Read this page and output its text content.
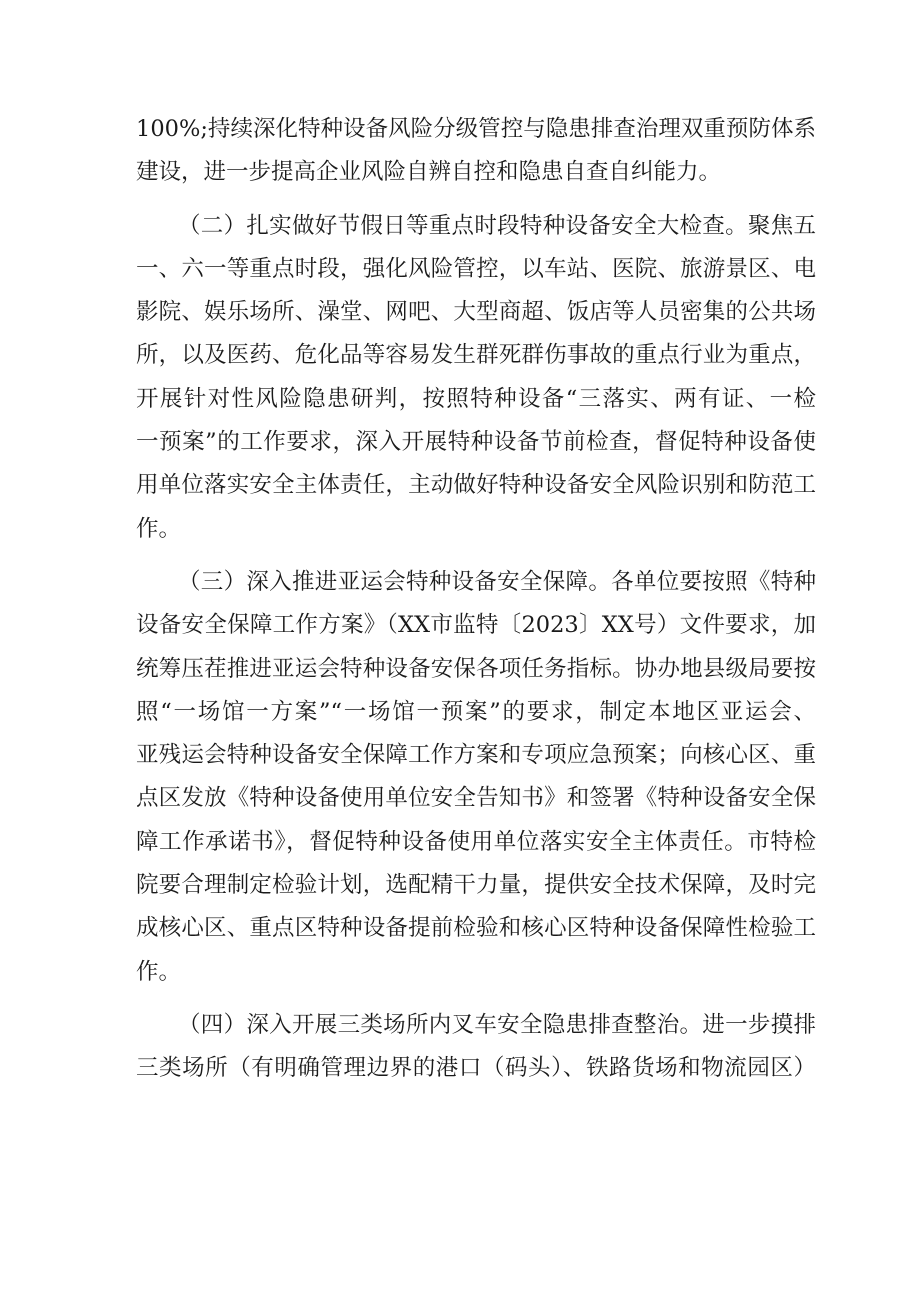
100%;持续深化特种设备风险分级管控与隐患排查治理双重预防体系
建设，进一步提高企业风险自辨自控和隐患自查自纠能力。
（二）扎实做好节假日等重点时段特种设备安全大检查。聚焦五
一、六一等重点时段，强化风险管控，以车站、医院、旅游景区、电
影院、娱乐场所、澡堂、网吧、大型商超、饭店等人员密集的公共场
所，以及医药、危化品等容易发生群死群伤事故的重点行业为重点，
开展针对性风险隐患研判，按照特种设备“三落实、两有证、一检
一预案”的工作要求，深入开展特种设备节前检查，督促特种设备使
用单位落实安全主体责任，主动做好特种设备安全风险识别和防范工
作。
（三）深入推进亚运会特种设备安全保障。各单位要按照《特种
设备安全保障工作方案》（XX市监特〔2023〕XX号）文件要求，加
统筹压茬推进亚运会特种设备安保各项任务指标。协办地县级局要按
照“一场馆一方案”“一场馆一预案”的要求，制定本地区亚运会、
亚残运会特种设备安全保障工作方案和专项应急预案；向核心区、重
点区发放《特种设备使用单位安全告知书》和签署《特种设备安全保
障工作承诺书》，督促特种设备使用单位落实安全主体责任。市特检
院要合理制定检验计划，选配精干力量，提供安全技术保障，及时完
成核心区、重点区特种设备提前检验和核心区特种设备保障性检验工
作。
（四）深入开展三类场所内叉车安全隐患排查整治。进一步摸排
三类场所（有明确管理边界的港口（码头）、铁路货场和物流园区）
